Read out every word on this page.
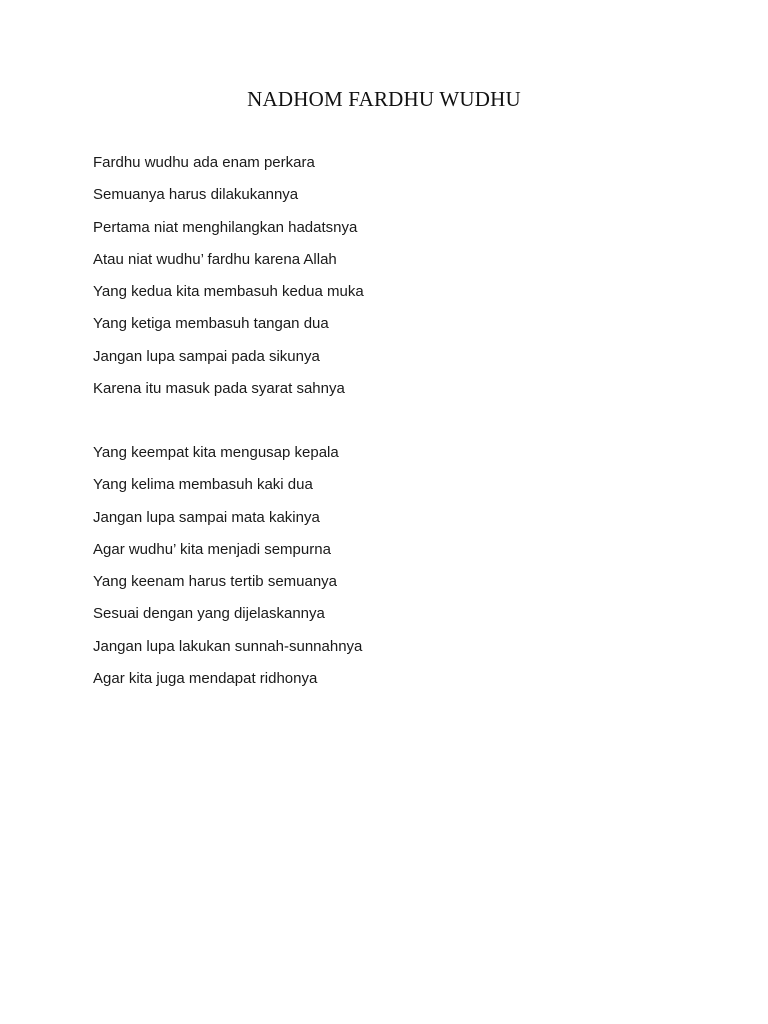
NADHOM FARDHU WUDHU
Fardhu wudhu ada enam perkara
Semuanya harus dilakukannya
Pertama niat menghilangkan hadatsnya
Atau niat wudhu’ fardhu karena Allah
Yang kedua kita membasuh kedua muka
Yang ketiga membasuh tangan dua
Jangan lupa sampai pada sikunya
Karena itu masuk pada syarat sahnya
Yang keempat kita mengusap kepala
Yang kelima membasuh kaki dua
Jangan lupa sampai mata kakinya
Agar wudhu’ kita menjadi sempurna
Yang keenam harus tertib semuanya
Sesuai dengan yang dijelaskannya
Jangan lupa lakukan sunnah-sunnahnya
Agar kita juga mendapat ridhonya
